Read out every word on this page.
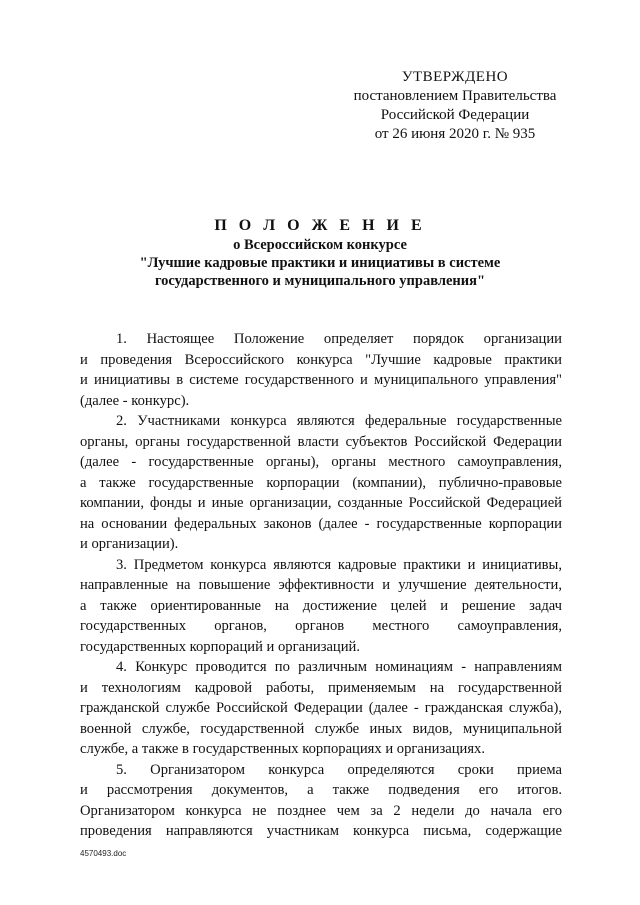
УТВЕРЖДЕНО
постановлением Правительства
Российской Федерации
от 26 июня 2020 г. № 935
П О Л О Ж Е Н И Е
о Всероссийском конкурсе
"Лучшие кадровые практики и инициативы в системе
государственного и муниципального управления"

1. Настоящее Положение определяет порядок организации
и проведения Всероссийского конкурса "Лучшие кадровые практики
и инициативы в системе государственного и муниципального управления"
(далее - конкурс).

2. Участниками конкурса являются федеральные государственные
органы, органы государственной власти субъектов Российской Федерации
(далее - государственные органы), органы местного самоуправления,
а также государственные корпорации (компании), публично-правовые
компании, фонды и иные организации, созданные Российской Федерацией
на основании федеральных законов (далее - государственные корпорации
и организации).

3. Предметом конкурса являются кадровые практики и инициативы,
направленные на повышение эффективности и улучшение деятельности,
а также ориентированные на достижение целей и решение задач
государственных органов, органов местного самоуправления,
государственных корпораций и организаций.

4. Конкурс проводится по различным номинациям - направлениям
и технологиям кадровой работы, применяемым на государственной
гражданской службе Российской Федерации (далее - гражданская служба),
военной службе, государственной службе иных видов, муниципальной
службе, а также в государственных корпорациях и организациях.

5. Организатором конкурса определяются сроки приема
и рассмотрения документов, а также подведения его итогов.
Организатором конкурса не позднее чем за 2 недели до начала его
проведения направляются участникам конкурса письма, содержащие

4570493.doc
